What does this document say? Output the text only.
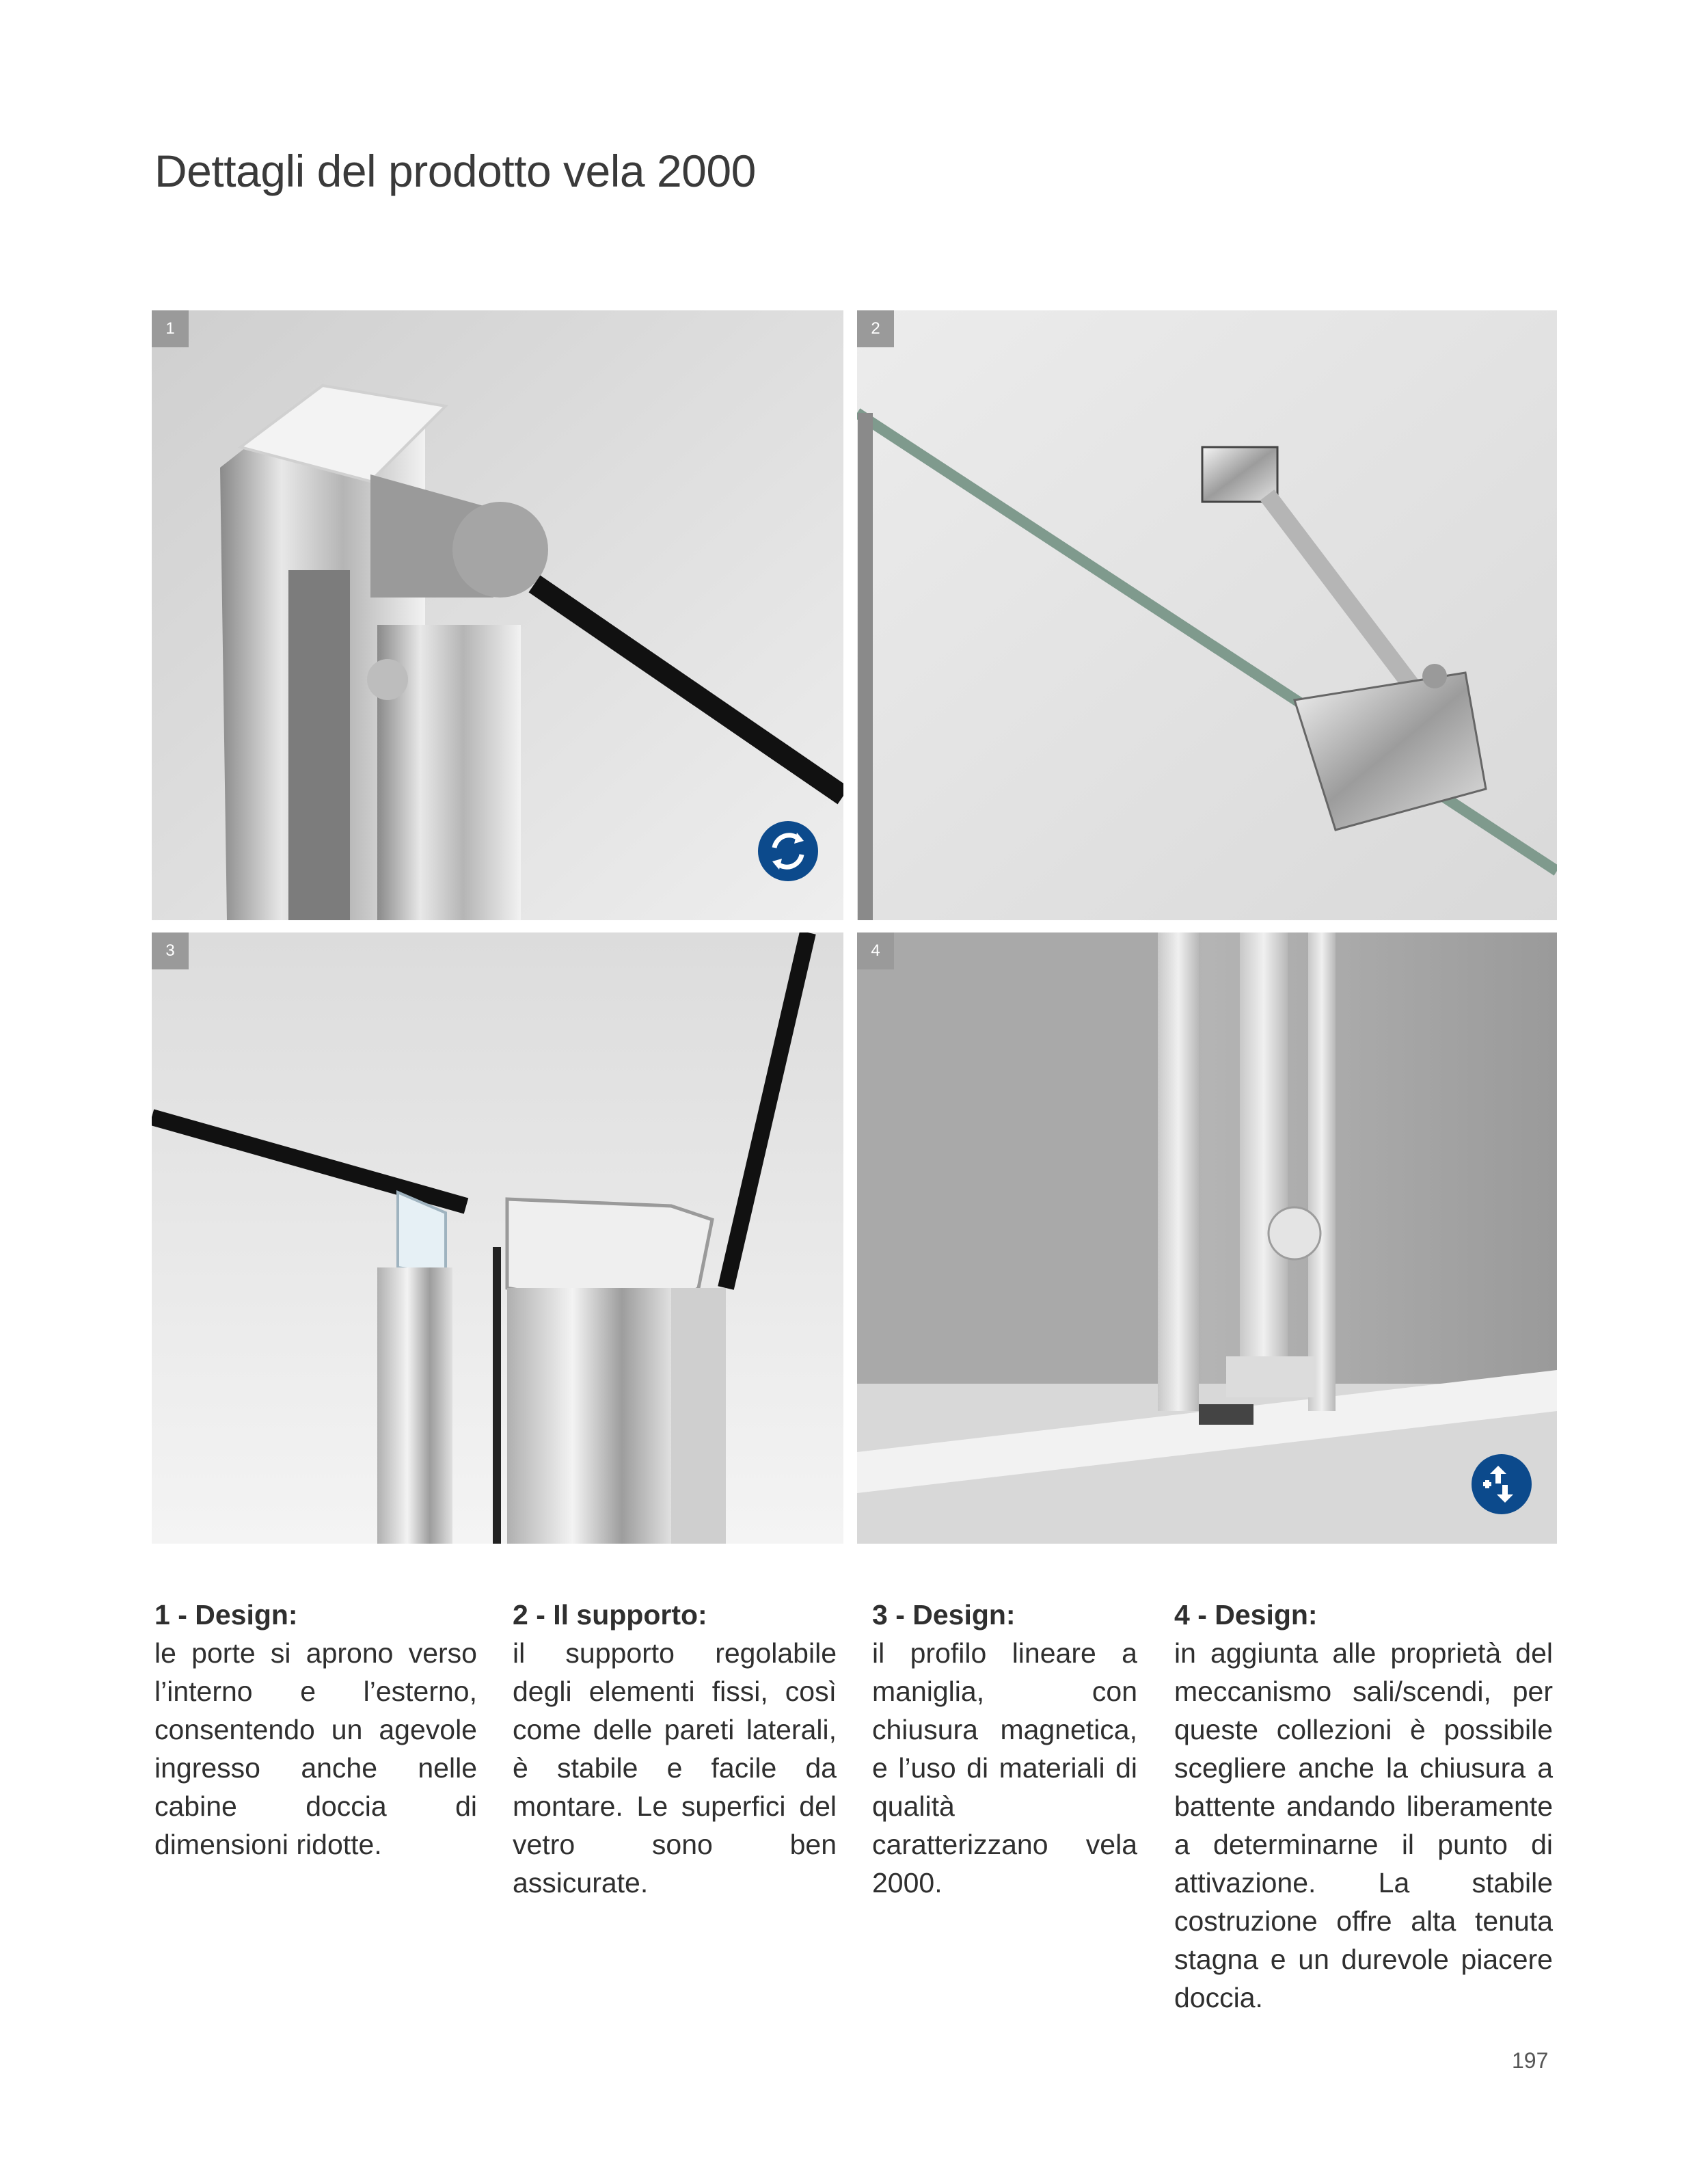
Dettagli del prodotto vela 2000
1	2
3	4
1 - Design:

le porte si aprono verso l’interno e l’esterno, consentendo un agevole ingresso anche nelle cabine doccia di dimensioni ridotte.

2 - Il supporto:

il supporto regolabile degli elementi fissi, così come delle pareti laterali, è stabile e facile da montare. Le superfici del vetro sono ben assicurate.

3 - Design:

il profilo lineare a maniglia, con chiusura magnetica, e l’uso di materiali di qualità caratterizzano vela 2000.

4 - Design:

in aggiunta alle proprietà del meccanismo sali/scendi, per queste collezioni è possibile scegliere anche la chiusura a battente andando liberamente a determinarne il punto di attivazione. La stabile costruzione offre alta tenuta stagna e un durevole piacere doccia.

197
